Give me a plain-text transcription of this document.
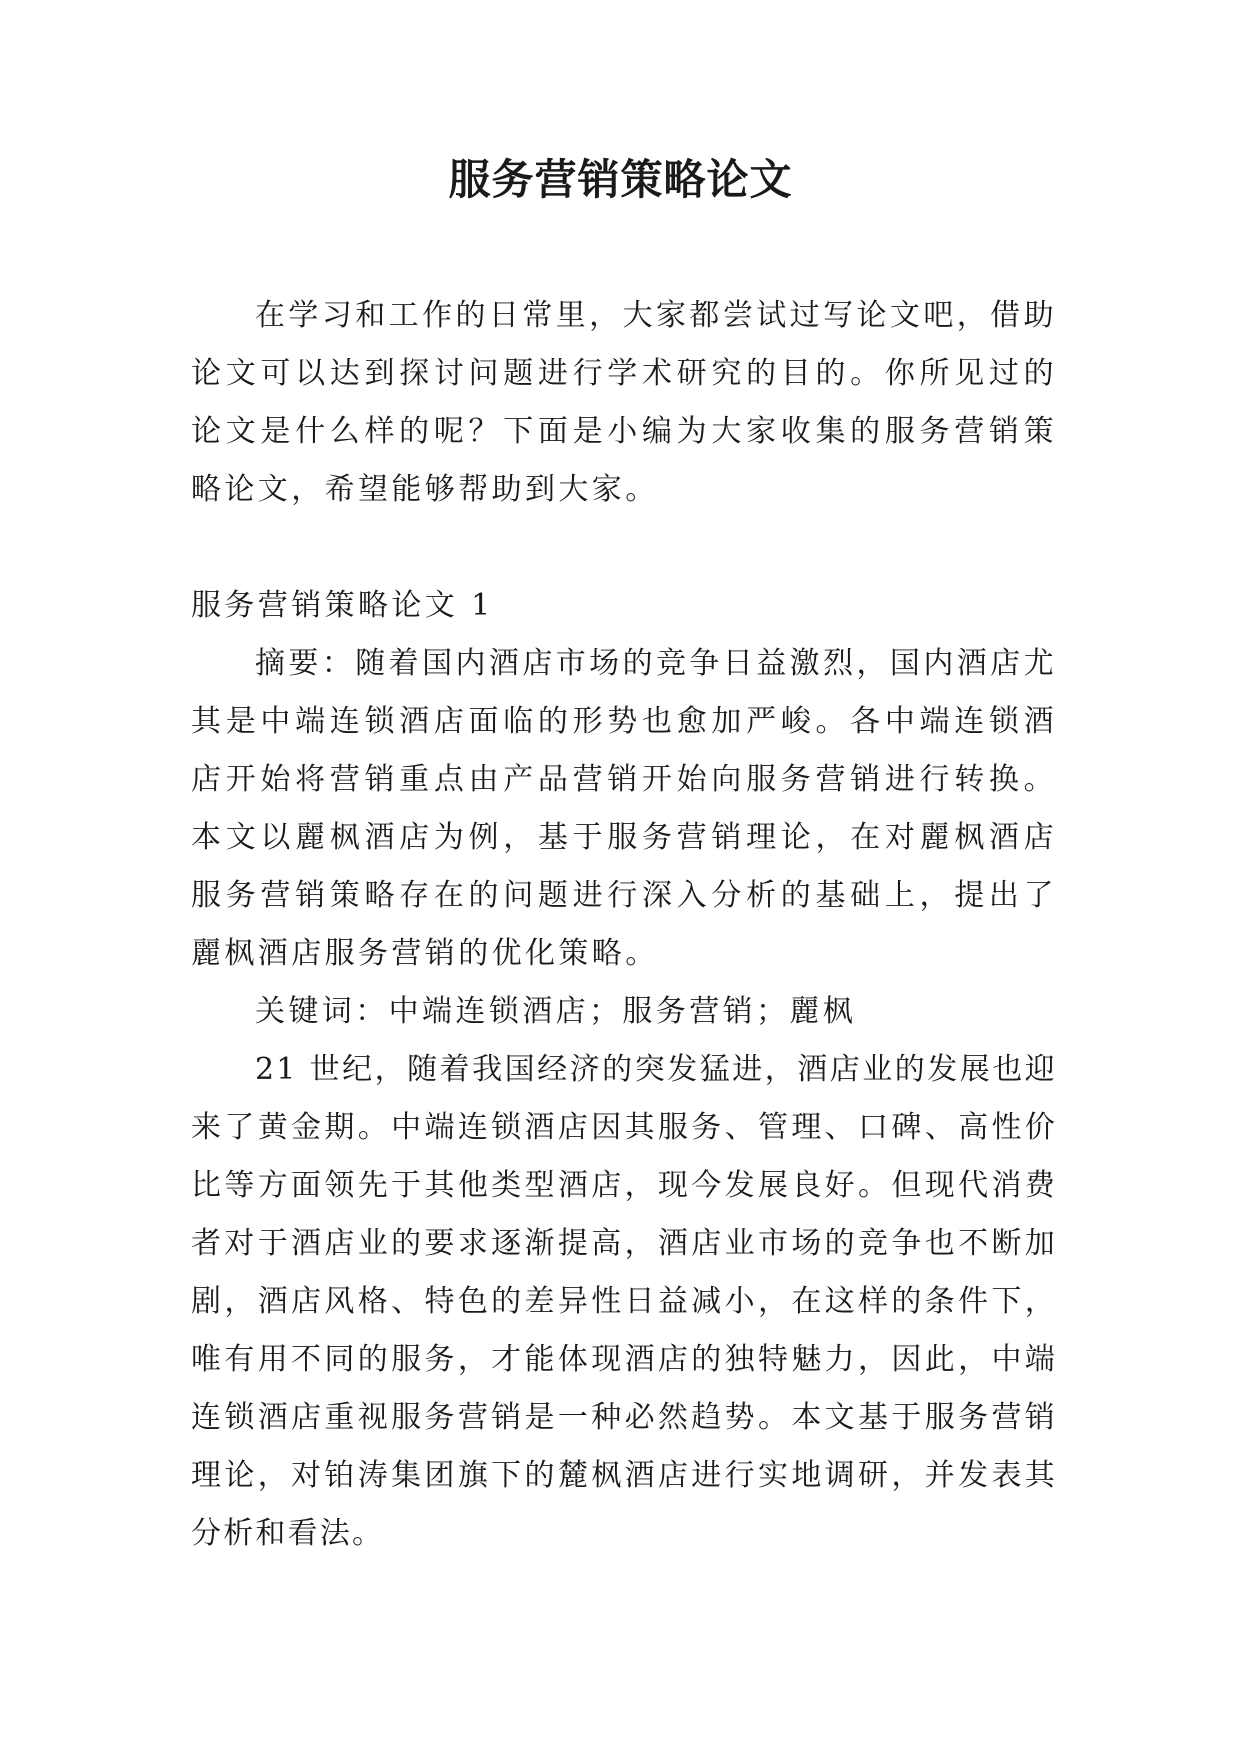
服务营销策略论文

在学习和工作的日常里，大家都尝试过写论文吧，借助论文可以达到探讨问题进行学术研究的目的。你所见过的论文是什么样的呢？下面是小编为大家收集的服务营销策略论文，希望能够帮助到大家。

服务营销策略论文 1

摘要：随着国内酒店市场的竞争日益激烈，国内酒店尤其是中端连锁酒店面临的形势也愈加严峻。各中端连锁酒店开始将营销重点由产品营销开始向服务营销进行转换。本文以麗枫酒店为例，基于服务营销理论，在对麗枫酒店服务营销策略存在的问题进行深入分析的基础上，提出了麗枫酒店服务营销的优化策略。

关键词：中端连锁酒店；服务营销；麗枫

21 世纪，随着我国经济的突发猛进，酒店业的发展也迎来了黄金期。中端连锁酒店因其服务、管理、口碑、高性价比等方面领先于其他类型酒店，现今发展良好。但现代消费者对于酒店业的要求逐渐提高，酒店业市场的竞争也不断加剧，酒店风格、特色的差异性日益减小，在这样的条件下，唯有用不同的服务，才能体现酒店的独特魅力，因此，中端连锁酒店重视服务营销是一种必然趋势。本文基于服务营销理论，对铂涛集团旗下的麓枫酒店进行实地调研，并发表其分析和看法。
